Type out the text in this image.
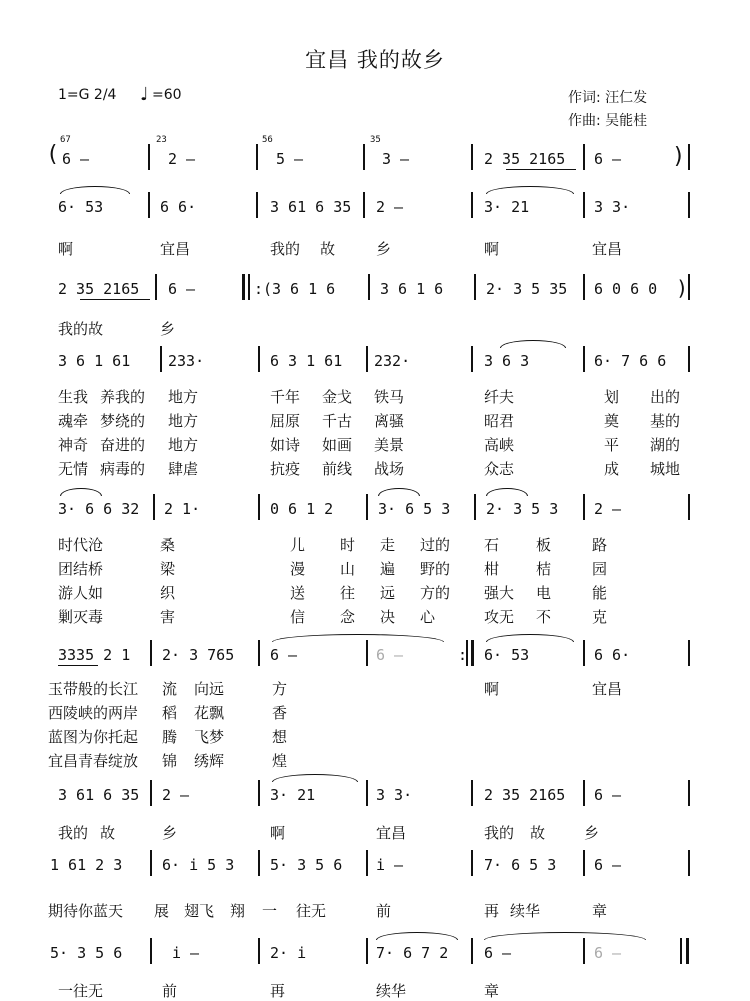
宜昌 我的故乡
1=G 2/4 ♩ =60	作词: 汪仁发
作曲: 吴能桂
(
67
6 –
23
2 –
56
5 –
35
3 –	2 35 2165 6 – )
6· 53	6 6·	3 61 6 35 2 –	3· 21	3 3·
啊	宜昌	我的 故	乡	啊	宜昌
2 35 2165 6 –	:( 3 6 1 6	3 6 1 6	2· 3 5 35 6 0 6 0 )
我的故	乡
3 6 1 61	233·	6 3 1 61 232·	3 6 3	6· 7 6 6
生我 养我的 地方	千年 金戈 铁马	纤夫	划 出的
魂牵 梦绕的 地方	屈原 千古 离骚	昭君	奠 基的
神奇 奋进的 地方	如诗 如画 美景	高峡	平 湖的
无情 病毒的 肆虐	抗疫 前线 战场	众志	成 城地
3· 6 6 32 2 1·	0 6 1 2	3· 6 5 3 2· 3 5 3 2 –
时代沧	桑	儿 时 走 过的 石 板	路
团结桥	梁	漫 山 遍 野的 柑 桔	园
游人如	织	送 往 远 方的 强大 电	能
剿灭毒	害	信 念 决 心	攻无 不	克
3335 2 1 2· 3 765 6 –	6 –	: 6· 53	6 6·
玉带般的长江 流 向远	方	啊	宜昌
西陵峡的两岸 稻 花飘	香
蓝图为你托起 腾 飞梦	想
宜昌青春绽放 锦 绣辉	煌
3 61 6 35 2 –	3· 21	3 3·	2 35 2165 6 –
我的 故	乡	啊	宜昌	我的 故	乡
1 61 2 3	6· i 5 3 5· 3 5 6 i –	7· 6 5 3	6 –
期待你蓝天 展 翅飞 翔 一 往无	前	再 续华	章
5· 3 5 6	i –	2· i	7· 6 7 2 6 –	6 –
一往无	前	再	续华	章
